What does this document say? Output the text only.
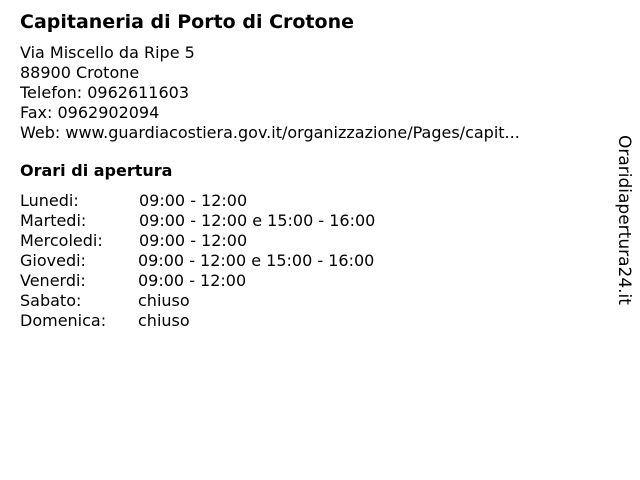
Capitaneria di Porto di Crotone
Via Miscello da Ripe 5
88900 Crotone
Telefon: 0962611603
Fax: 0962902094
Web: www.guardiacostiera.gov.it/organizzazione/Pages/capit...
Orari di apertura
Lunedi:	09:00 - 12:00
Martedi:	09:00 - 12:00 e 15:00 - 16:00
Mercoledi:	09:00 - 12:00
Giovedi:	09:00 - 12:00 e 15:00 - 16:00
Venerdi:	09:00 - 12:00
Sabato:	chiuso
Domenica:	chiuso
Oraridiapertura24.it
